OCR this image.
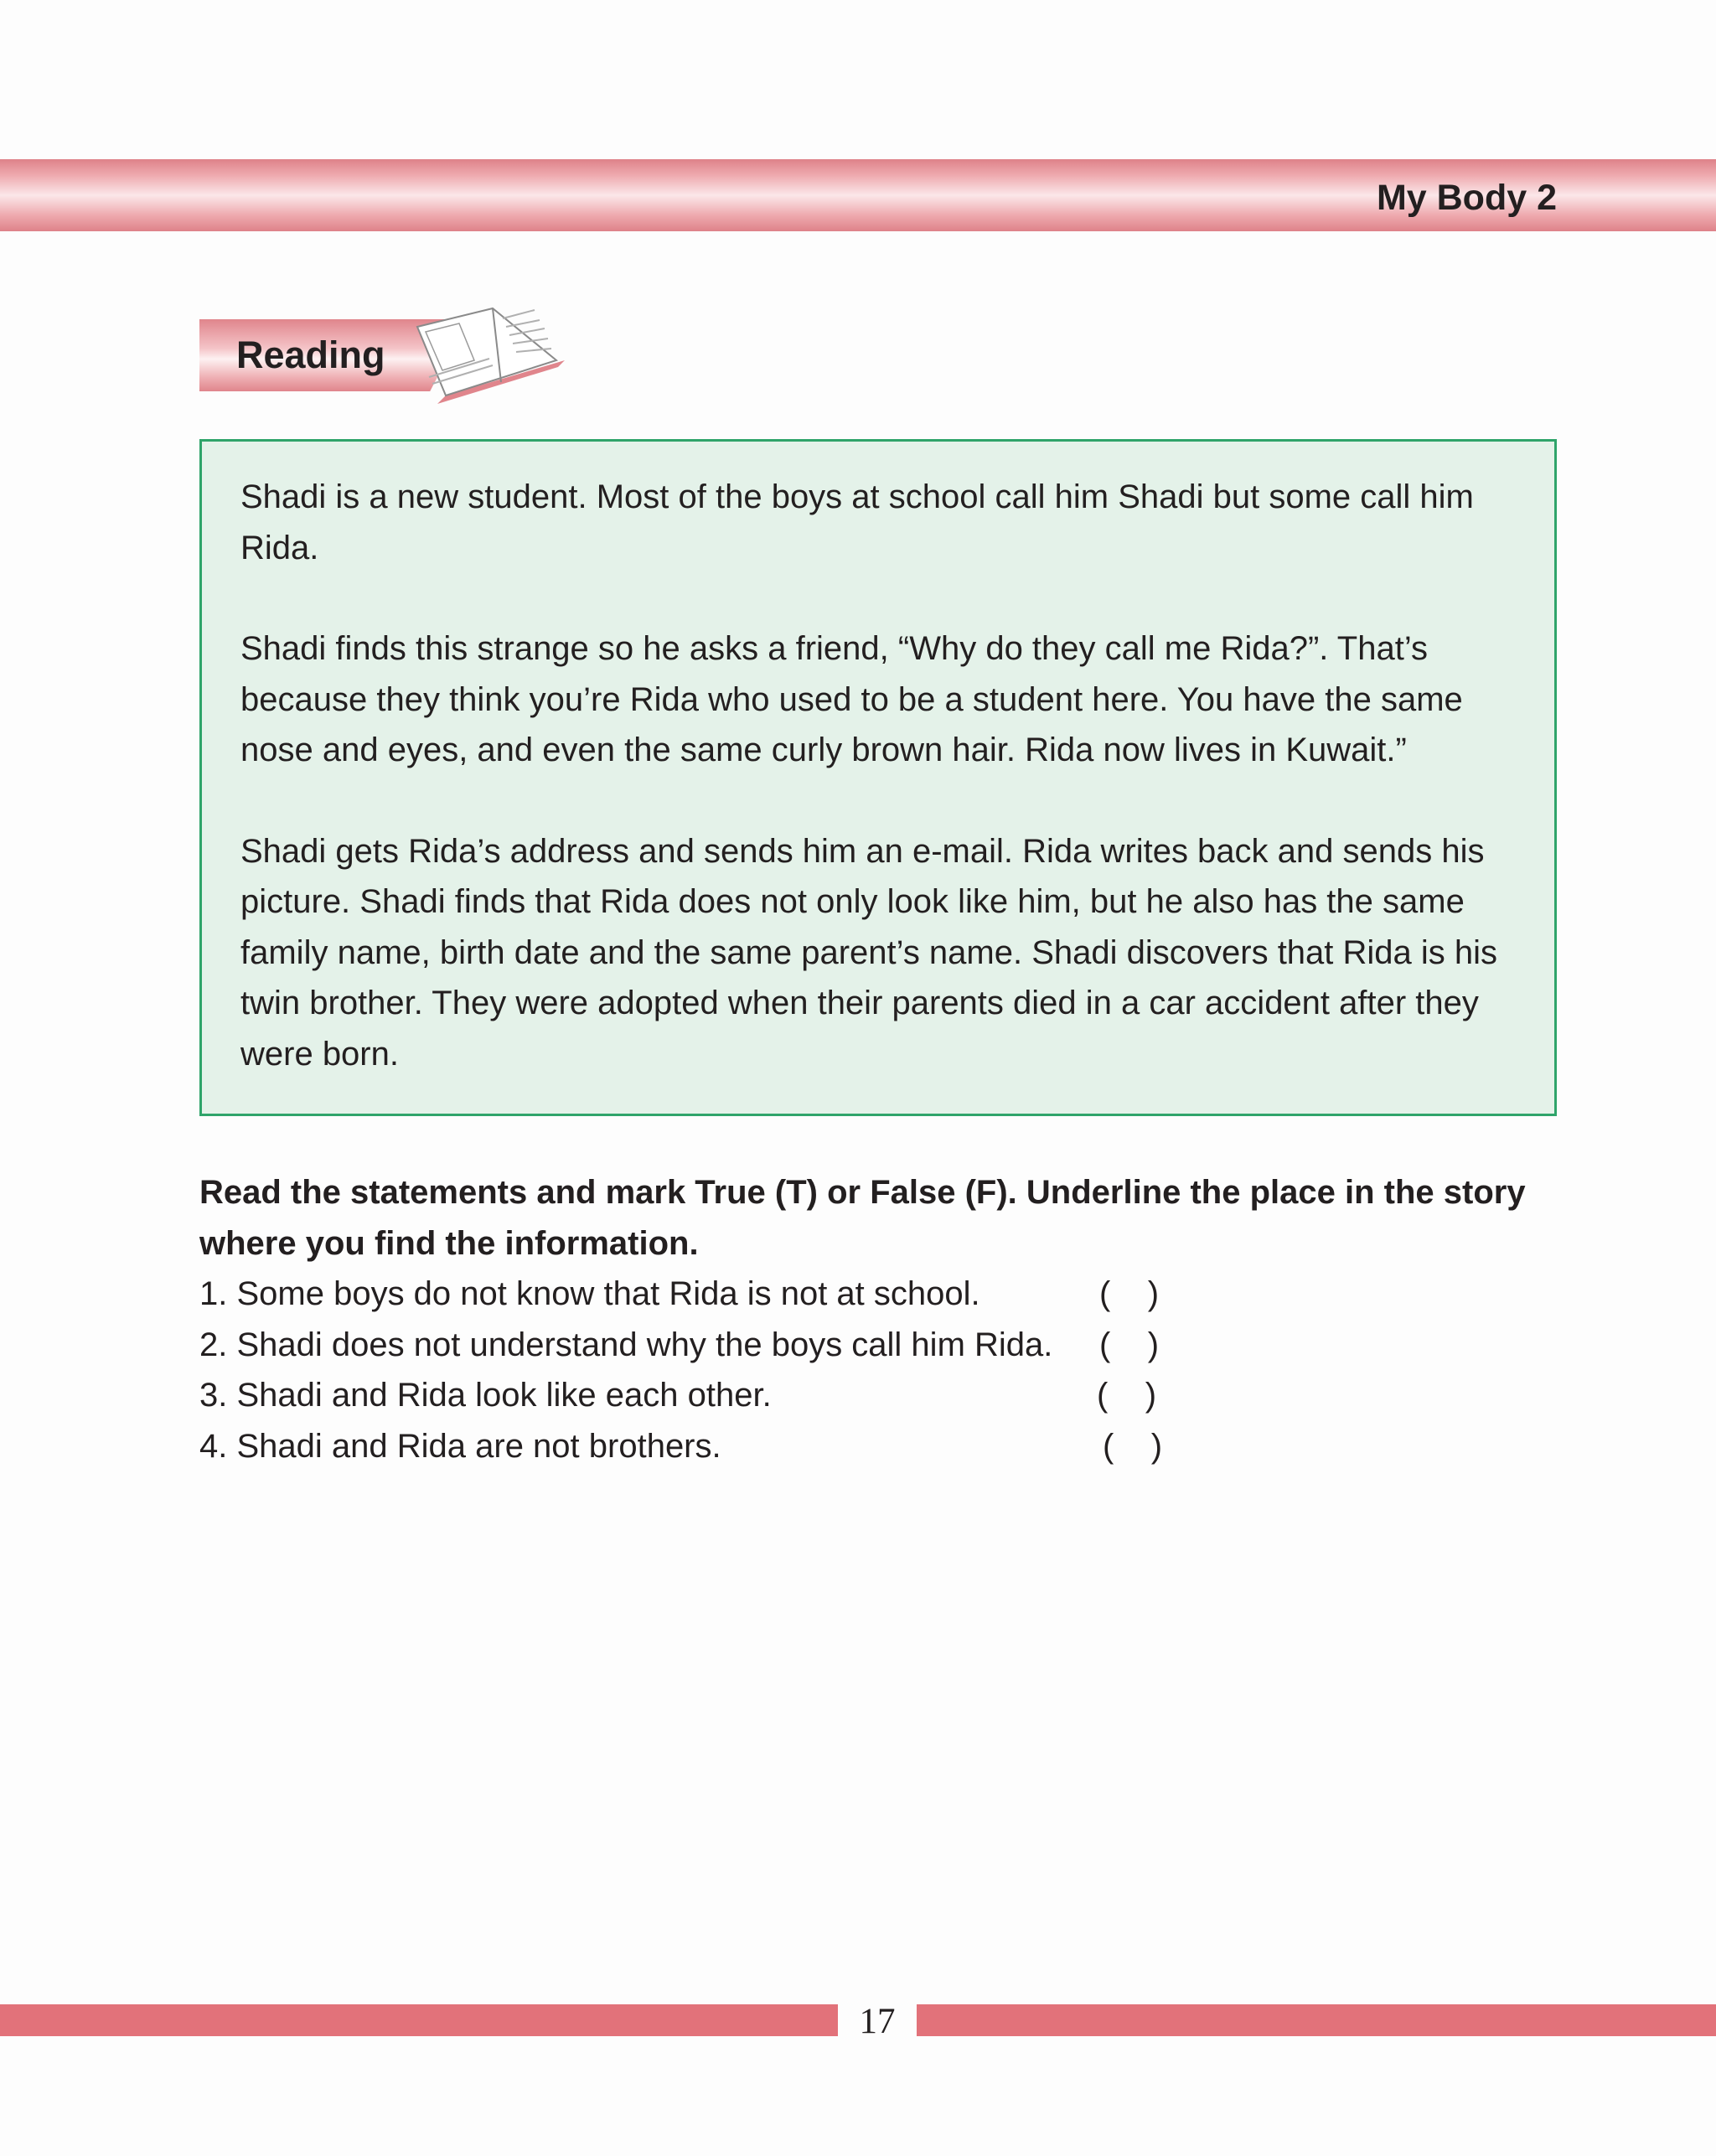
My Body 2
Reading

Shadi is a new student. Most of the boys at school call him Shadi but some call him Rida.

Shadi finds this strange so he asks a friend, “Why do they call me Rida?”. That’s because they think you’re Rida who used to be a student here. You have the same nose and eyes, and even the same curly brown hair. Rida now lives in Kuwait.”

Shadi gets Rida’s address and sends him an e-mail. Rida writes back and sends his picture. Shadi finds that Rida does not only look like him, but he also has the same family name, birth date and the same parent’s name. Shadi discovers that Rida is his twin brother. They were adopted when their parents died in a car accident after they were born.

Read the statements and mark True (T) or False (F). Underline the place in the story where you find the information.

1. Some boys do not know that Rida is not at school.	(    )
2. Shadi does not understand why the boys call him Rida. (    )
3. Shadi and Rida look like each other.	(    )
4. Shadi and Rida are not brothers.	(    )
17
